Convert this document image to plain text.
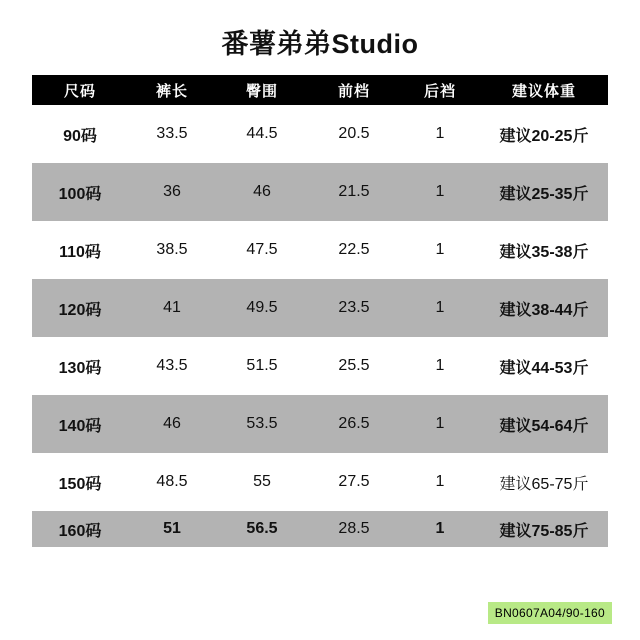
番薯弟弟Studio
尺码	裤长	臀围	前档	后裆	建议体重
90码	33.5	44.5	20.5	1	建议20-25斤
100码	36	46	21.5	1	建议25-35斤
110码	38.5	47.5	22.5	1	建议35-38斤
120码	41	49.5	23.5	1	建议38-44斤
130码	43.5	51.5	25.5	1	建议44-53斤
140码	46	53.5	26.5	1	建议54-64斤
150码	48.5	55	27.5	1	建议65-75斤
160码	51	56.5	28.5	1	建议75-85斤
BN0607A04/90-160
